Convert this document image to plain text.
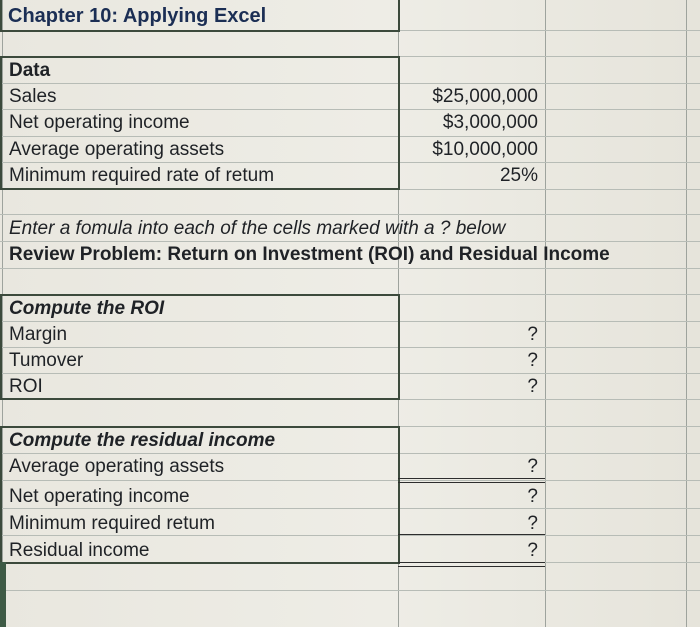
Chapter 10: Applying Excel
Data
Sales
Net operating income
Average operating assets
Minimum required rate of retum
$25,000,000
$3,000,000
$10,000,000
25%
Enter a fomula into each of the cells marked with a ? below
Review Problem: Return on Investment (ROI) and Residual Income
Compute the ROI
Margin
Tumover
ROI
?
?
?
Compute the residual income
Average operating assets
Net operating income
Minimum required retum
Residual income
?
?
?
?
